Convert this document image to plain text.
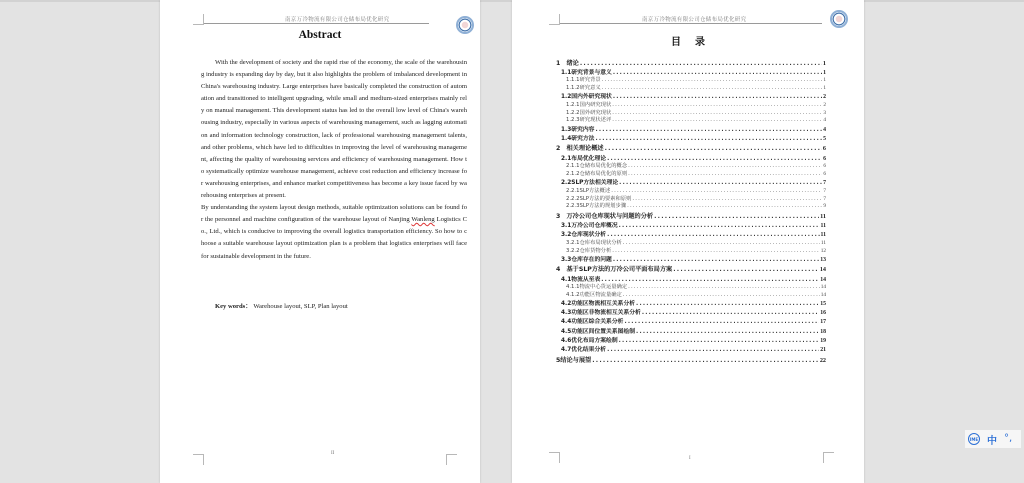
南京万冷物流有限公司仓储布局优化研究
Abstract

With the development of society and the rapid rise of the economy, the scale of the warehousing industry is expanding day by day, but it also highlights the problem of imbalanced development in China's warehousing industry. Large enterprises have basically completed the construction of automation and transitioned to intelligent upgrading, while small and medium-sized enterprises mainly rely on manual management. This development status has led to the overall low level of China's warehousing industry, especially in various aspects of warehousing management, such as lagging automation and information technology construction, lack of professional warehousing management talents, and other problems, which have led to difficulties in improving the level of warehousing management, affecting the quality of warehousing services and efficiency of warehousing management. How to systematically optimize warehouse management, achieve cost reduction and efficiency increase for warehousing enterprises, and enhance market competitiveness has become a key issue faced by warehousing enterprises at present.

By understanding the system layout design methods, suitable optimization solutions can be found for the personnel and machine configuration of the warehouse layout of Nanjing Wanleng Logistics Co., Ltd., which is conducive to improving the overall logistics transportation efficiency. So how to choose a suitable warehouse layout optimization plan is a problem that logistics enterprises will face for sustainable development in the future.

Key words： Warehouse layout, SLP, Plan layout
II
南京万冷物流有限公司仓储布局优化研究
目录
1　绪论 .....	1
1.1研究背景与意义 .....	1
1.1.1研究背景 .....	1
1.1.2研究意义 .....	1
1.2国内外研究现状 .....	2
1.2.1国内研究现状 .....	2
1.2.2国外研究现状 .....	3
1.2.3研究现状述评 .....	4
1.3研究内容 .....	4
1.4研究方法 .....	5
2　相关理论概述 .....	6
2.1布局优化理论 .....	6
2.1.1仓储布局优化的概念 .....	6
2.1.2仓储布局优化的原则 .....	6
2.2SLP方法相关理论 .....	7
2.2.1SLP方法概述 .....	7
2.2.2SLP方法的要素和原则 .....	7
2.2.3SLP方法的规划步骤 .....	9
3　万冷公司仓库现状与问题的分析 .....	11
3.1万冷公司仓库概况 .....	11
3.2仓库现状分析 .....	11
3.2.1仓库布局现状分析 .....	11
3.2.2仓库货物分析 .....	12
3.3仓库存在的问题 .....	13
4　基于SLP方法的万冷公司平面布局方案 .....	14
4.1物流从至表 .....	14
4.1.1物流中心货运量确定 .....	14
4.1.2功能区物流量确定 .....	14
4.2功能区物流相互关系分析 .....	15
4.3功能区非物流相互关系分析 .....	16
4.4功能区综合关系分析 .....	17
4.5功能区间位置关系图绘制 .....	18
4.6优化布局方案绘制 .....	19
4.7优化结果分析 .....	21
5结论与展望 .....	22
I
IME 中 °,
